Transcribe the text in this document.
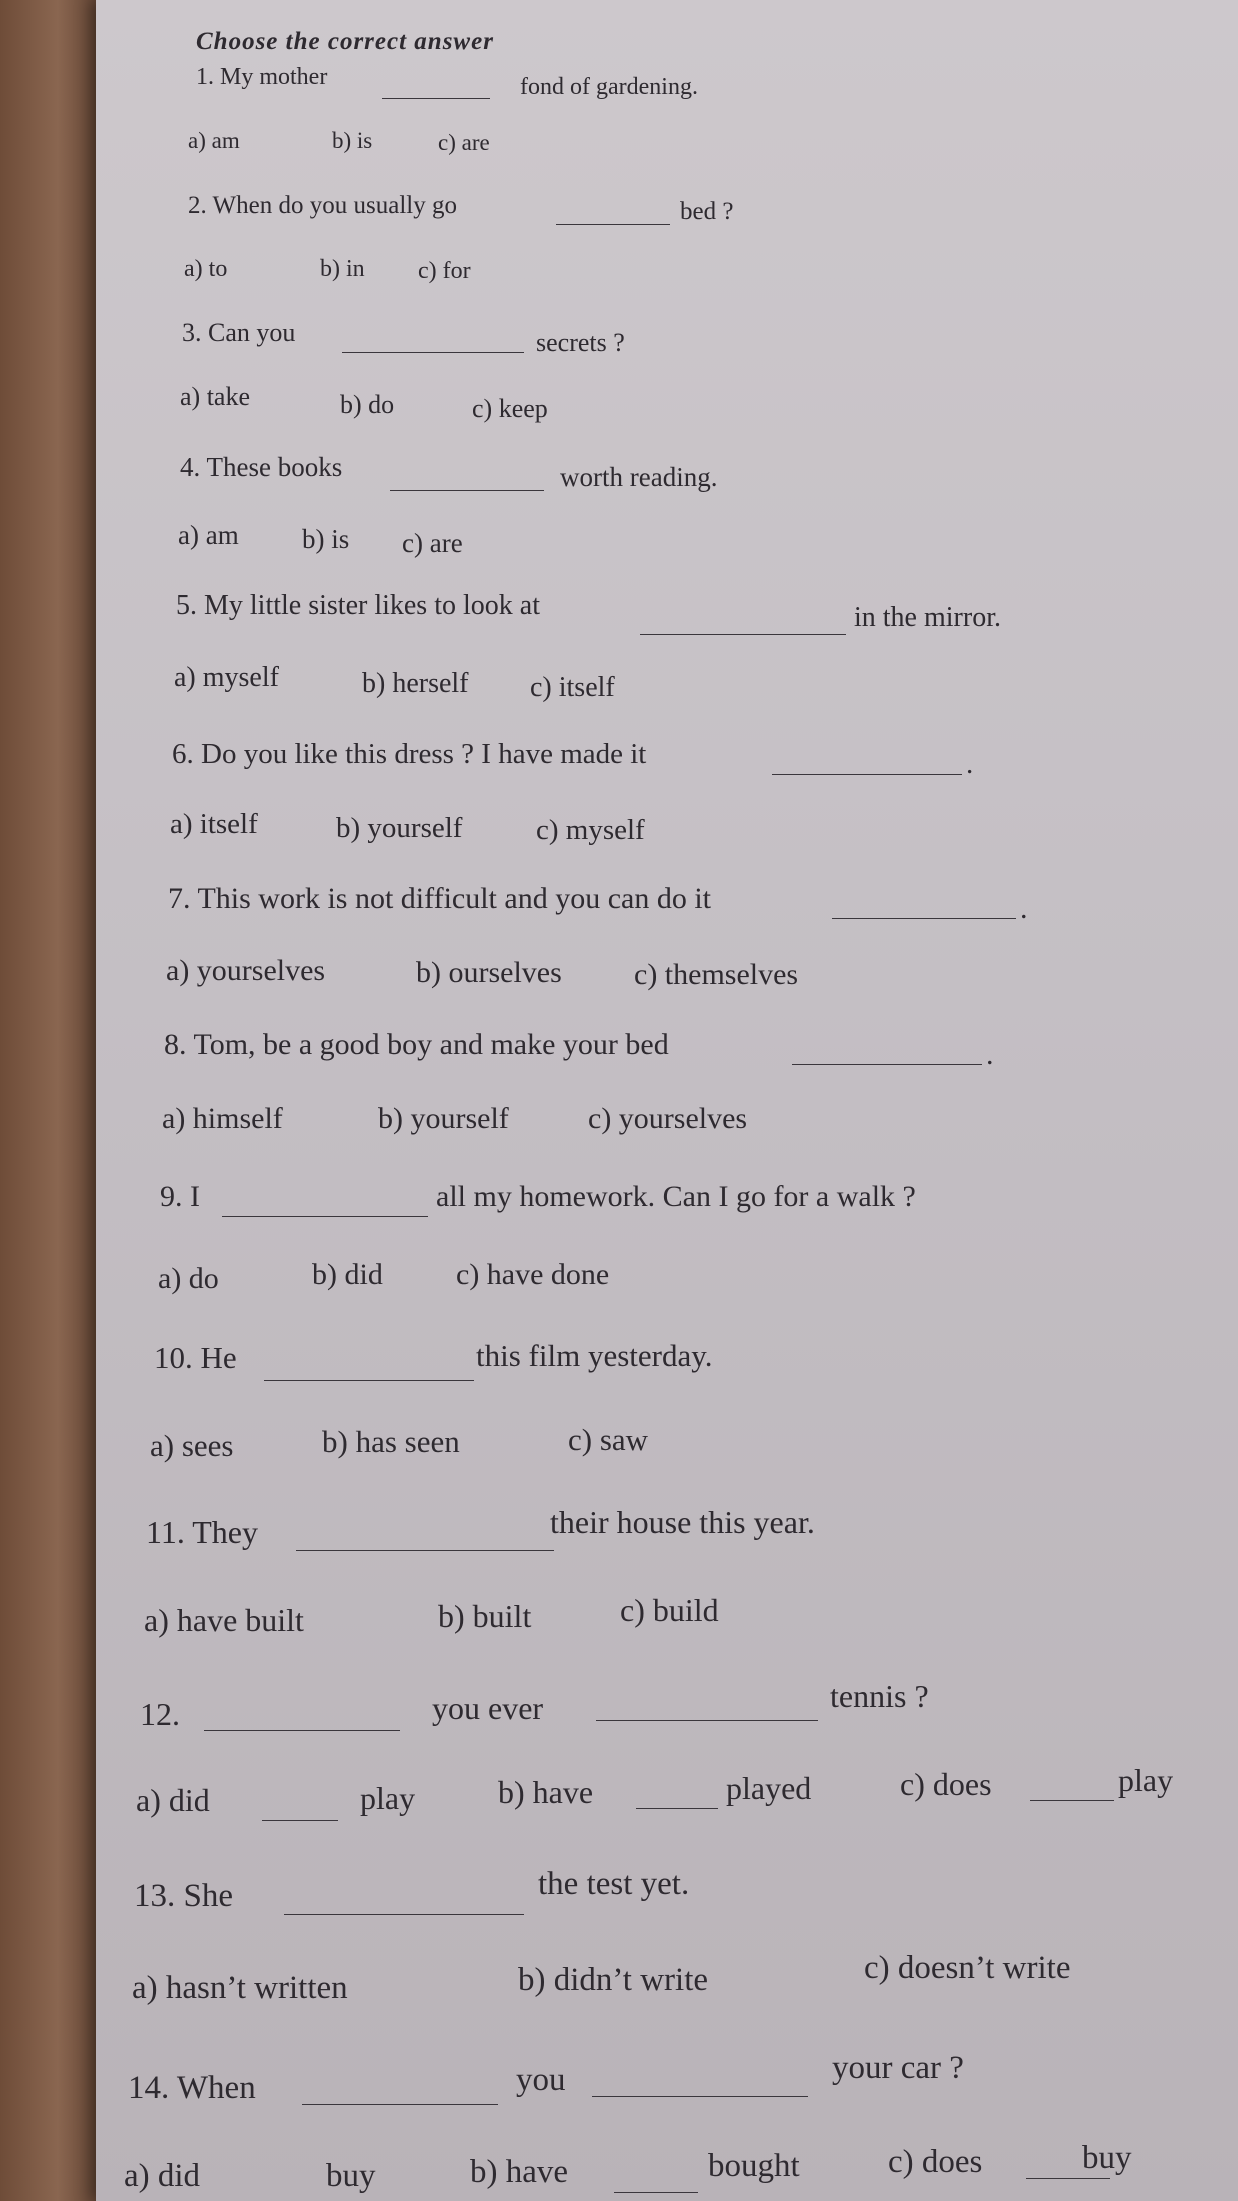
Choose the correct answer
1. My mother	fond of gardening.
a) am	b) is	c) are
2. When do you usually go	bed ?
a) to	b) in c) for
3. Can you	secrets ?
a) take	b) do	c) keep
4. These books	worth reading.
a) am b) is c) are
5. My little sister likes to look at	in the mirror.
a) myself	b) herself c) itself
6. Do you like this dress ? I have made it	.
a) itself	b) yourself	c) myself
7. This work is not difficult and you can do it	.
a) yourselves	b) ourselves c) themselves
8. Tom, be a good boy and make your bed	.
a) himself	b) yourself	c) yourselves
9. I	all my homework. Can I go for a walk ?
a) do	b) did c) have done
10. He	this film yesterday.
a) sees	b) has seen	c) saw
11. They	their house this year.
a) have built	b) built	c) build
12.	you ever	tennis ?
a) did	play	b) have	played	c) does	play
13. She	the test yet.
a) hasn’t written	b) didn’t write	c) doesn’t write
14. When	you	your car ?
a) did	buy	b) have	bought	c) does	buy
